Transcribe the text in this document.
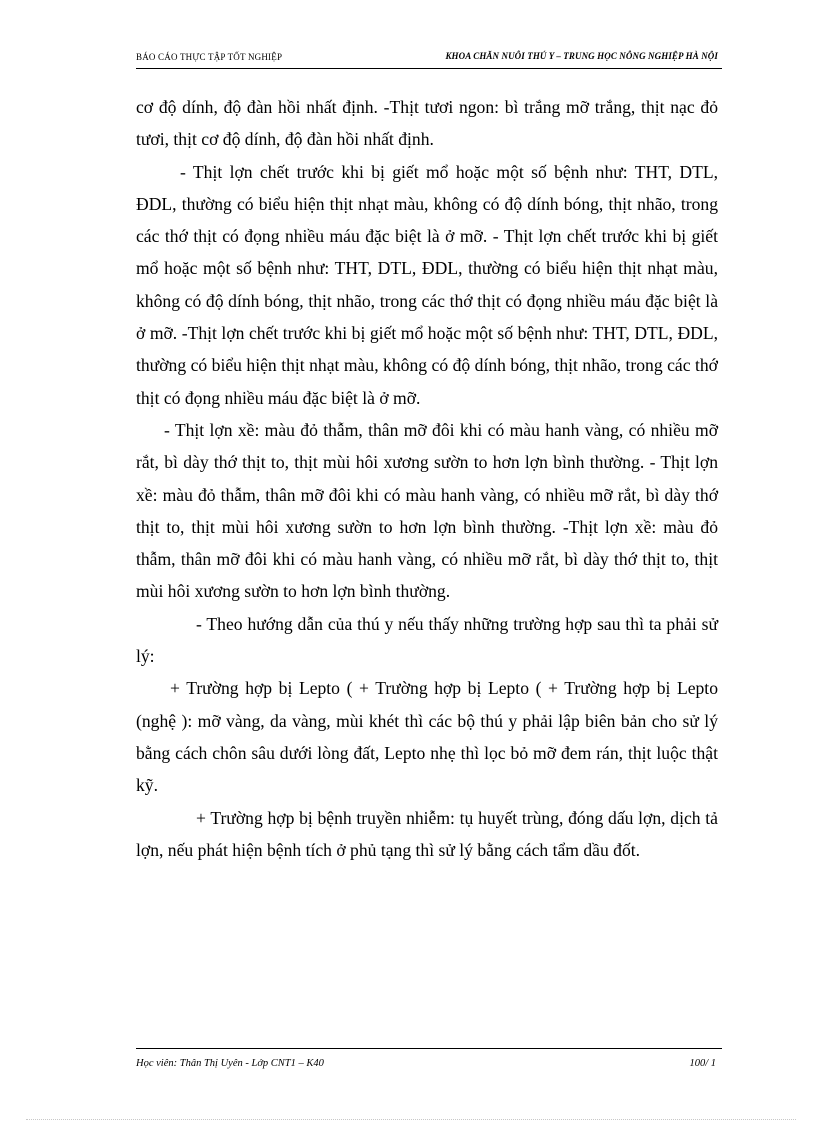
BÁO CÁO THỰC TẬP TỐT NGHIỆP	KHOA CHĂN NUÔI THÚ Y – TRUNG HỌC NÔNG NGHIỆP HÀ NỘI

cơ độ dính, độ đàn hồi nhất định. -Thịt tươi ngon: bì trắng mỡ trắng, thịt nạc đỏ tươi, thịt cơ độ dính, độ đàn hồi nhất định.

- Thịt lợn chết trước khi bị giết mổ hoặc một số bệnh như: THT, DTL, ĐDL, thường có biểu hiện thịt nhạt màu, không có độ dính bóng, thịt nhão, trong các thớ thịt có đọng nhiều máu đặc biệt là ở mỡ. - Thịt lợn chết trước khi bị giết mổ hoặc một số bệnh như: THT, DTL, ĐDL, thường có biểu hiện thịt nhạt màu, không có độ dính bóng, thịt nhão, trong các thớ thịt có đọng nhiều máu đặc biệt là ở mỡ. -Thịt lợn chết trước khi bị giết mổ hoặc một số bệnh như: THT, DTL, ĐDL, thường có biểu hiện thịt nhạt màu, không có độ dính bóng, thịt nhão, trong các thớ thịt có đọng nhiều máu đặc biệt là ở mỡ.

- Thịt lợn xề: màu đỏ thẫm, thân mỡ đôi khi có màu hanh vàng, có nhiều mỡ rắt, bì dày thớ thịt to, thịt mùi hôi xương sườn to hơn lợn bình thường. - Thịt lợn xề: màu đỏ thẫm, thân mỡ đôi khi có màu hanh vàng, có nhiều mỡ rắt, bì dày thớ thịt to, thịt mùi hôi xương sườn to hơn lợn bình thường. -Thịt lợn xề: màu đỏ thẫm, thân mỡ đôi khi có màu hanh vàng, có nhiều mỡ rắt, bì dày thớ thịt to, thịt mùi hôi xương sườn to hơn lợn bình thường.

- Theo hướng dẫn của thú y nếu thấy những trường hợp sau thì ta phải sử lý:

+ Trường hợp bị Lepto ( + Trường hợp bị Lepto ( + Trường hợp bị Lepto (nghệ ): mỡ vàng, da vàng, mùi khét thì các bộ thú y phải lập biên bản cho sử lý bằng cách chôn sâu dưới lòng đất, Lepto nhẹ thì lọc bỏ mỡ đem rán, thịt luộc thật kỹ.

+ Trường hợp bị bệnh truyền nhiễm: tụ huyết trùng, đóng dấu lợn, dịch tả lợn, nếu phát hiện bệnh tích ở phủ tạng thì sử lý bằng cách tẩm dầu đốt.

Học viên: Thân Thị Uyên - Lớp CNT1 – K40	100/ 1
